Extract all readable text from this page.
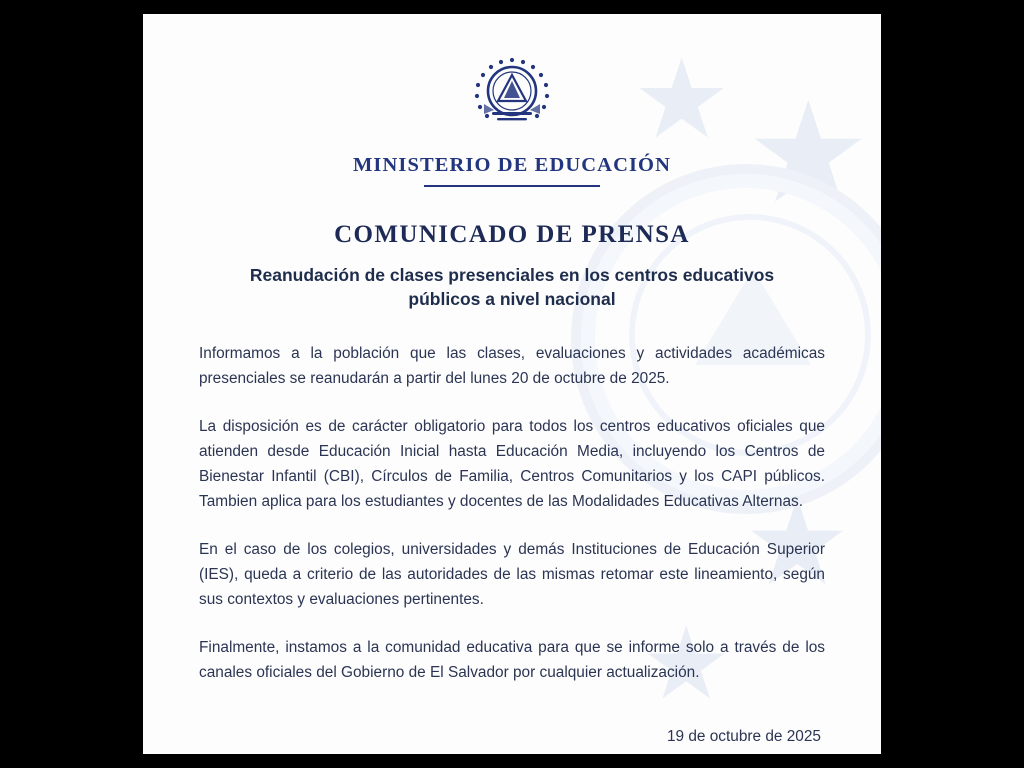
★ ★
★
★
MINISTERIO DE EDUCACIÓN
COMUNICADO DE PRENSA
Reanudación de clases presenciales en los centros educativos públicos a nivel nacional

Informamos a la población que las clases, evaluaciones y actividades académicas presenciales se reanudarán a partir del lunes 20 de octubre de 2025.

La disposición es de carácter obligatorio para todos los centros educativos oficiales que atienden desde Educación Inicial hasta Educación Media, incluyendo los Centros de Bienestar Infantil (CBI), Círculos de Familia, Centros Comunitarios y los CAPI públicos. Tambien aplica para los estudiantes y docentes de las Modalidades Educativas Alternas.

En el caso de los colegios, universidades y demás Instituciones de Educación Superior (IES), queda a criterio de las autoridades de las mismas retomar este lineamiento, según sus contextos y evaluaciones pertinentes.

Finalmente, instamos a la comunidad educativa para que se informe solo a través de los canales oficiales del Gobierno de El Salvador por cualquier actualización.

19 de octubre de 2025
